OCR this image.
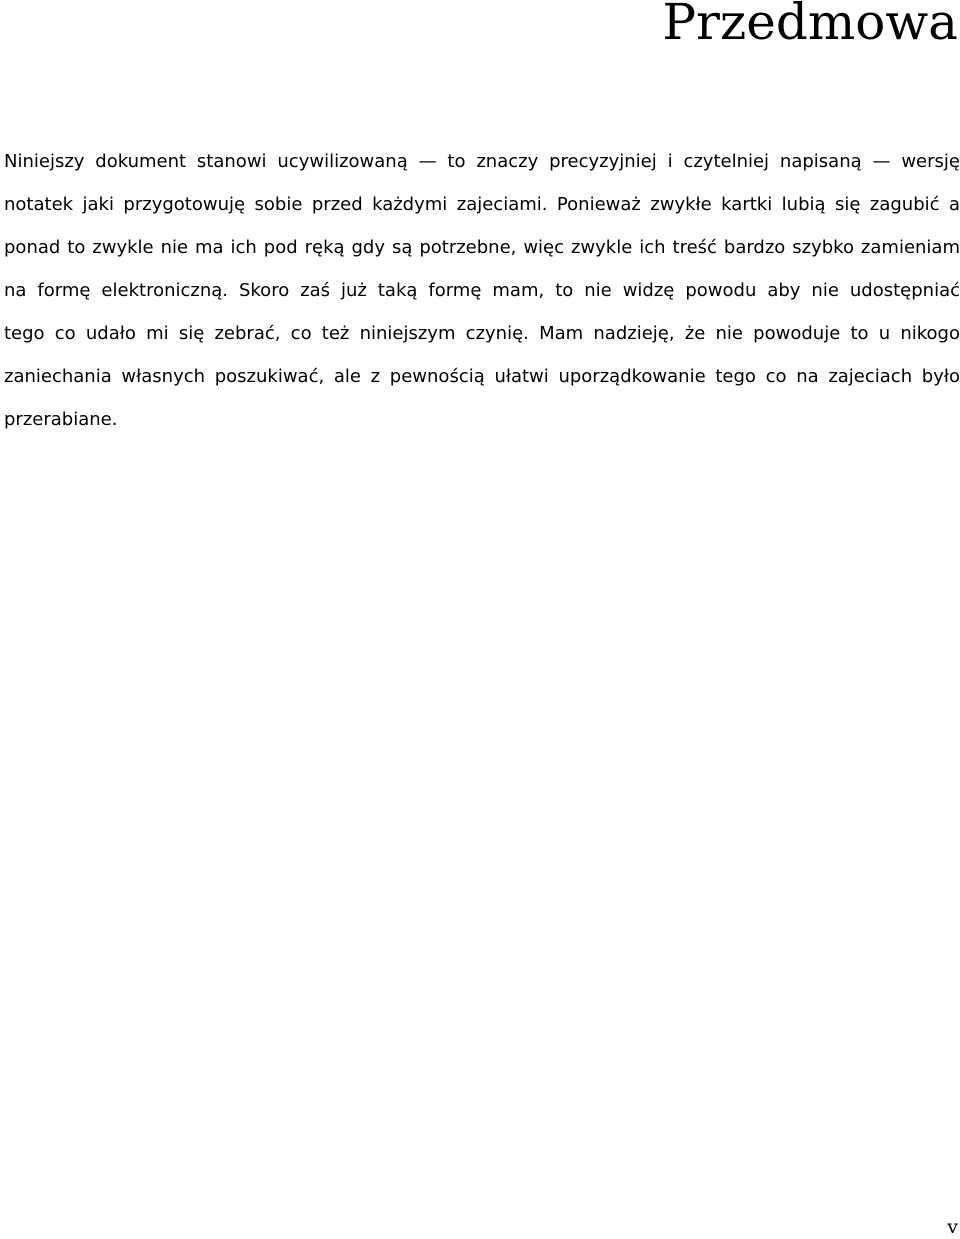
Przedmowa
Niniejszy dokument stanowi ucywilizowaną — to znaczy precyzyjniej i czytelniej napisaną — wersję
notatek jaki przygotowuję sobie przed każdymi zajeciami. Ponieważ zwykłe kartki lubią się zagubić a
ponad to zwykle nie ma ich pod ręką gdy są potrzebne, więc zwykle ich treść bardzo szybko zamieniam
na formę elektroniczną. Skoro zaś już taką formę mam, to nie widzę powodu aby nie udostępniać
tego co udało mi się zebrać, co też niniejszym czynię. Mam nadzieję, że nie powoduje to u nikogo
zaniechania własnych poszukiwać, ale z pewnością ułatwi uporządkowanie tego co na zajeciach było
przerabiane.
v
